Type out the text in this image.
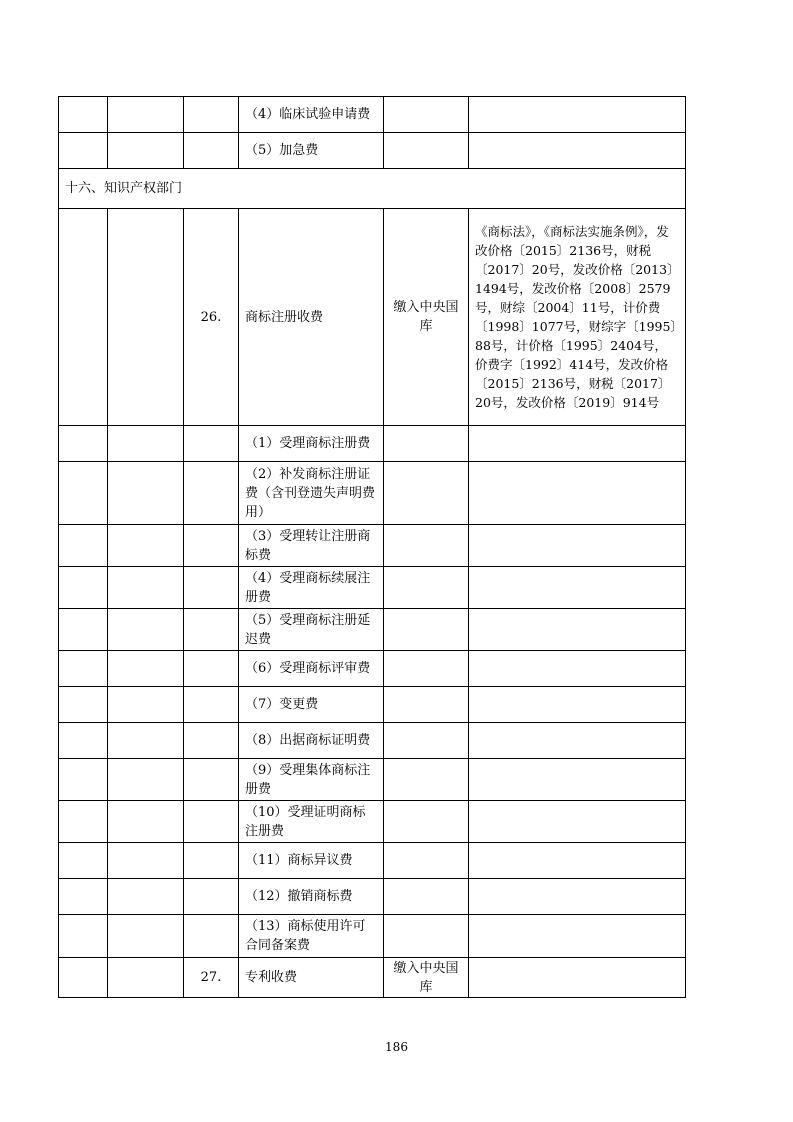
			（4）临床试验申请费		
			（5）加急费		
十六、知识产权部门					
		26.	商标注册收费	缴入中央国库	《商标法》，《商标法实施条例》，发改价格〔2015〕2136号，财税〔2017〕20号，发改价格〔2013〕1494号，发改价格〔2008〕2579号，财综〔2004〕11号，计价费〔1998〕1077号，财综字〔1995〕88号，计价格〔1995〕2404号，价费字〔1992〕414号，发改价格〔2015〕2136号，财税〔2017〕20号，发改价格〔2019〕914号
			（1）受理商标注册费		
			（2）补发商标注册证费（含刊登遗失声明费用）		
			（3）受理转让注册商标费		
			（4）受理商标续展注册费		
			（5）受理商标注册延迟费		
			（6）受理商标评审费		
			（7）变更费		
			（8）出据商标证明费		
			（9）受理集体商标注册费		
			（10）受理证明商标注册费		
			（11）商标异议费		
			（12）撤销商标费		
			（13）商标使用许可合同备案费		
		27.	专利收费	缴入中央国库	
186
